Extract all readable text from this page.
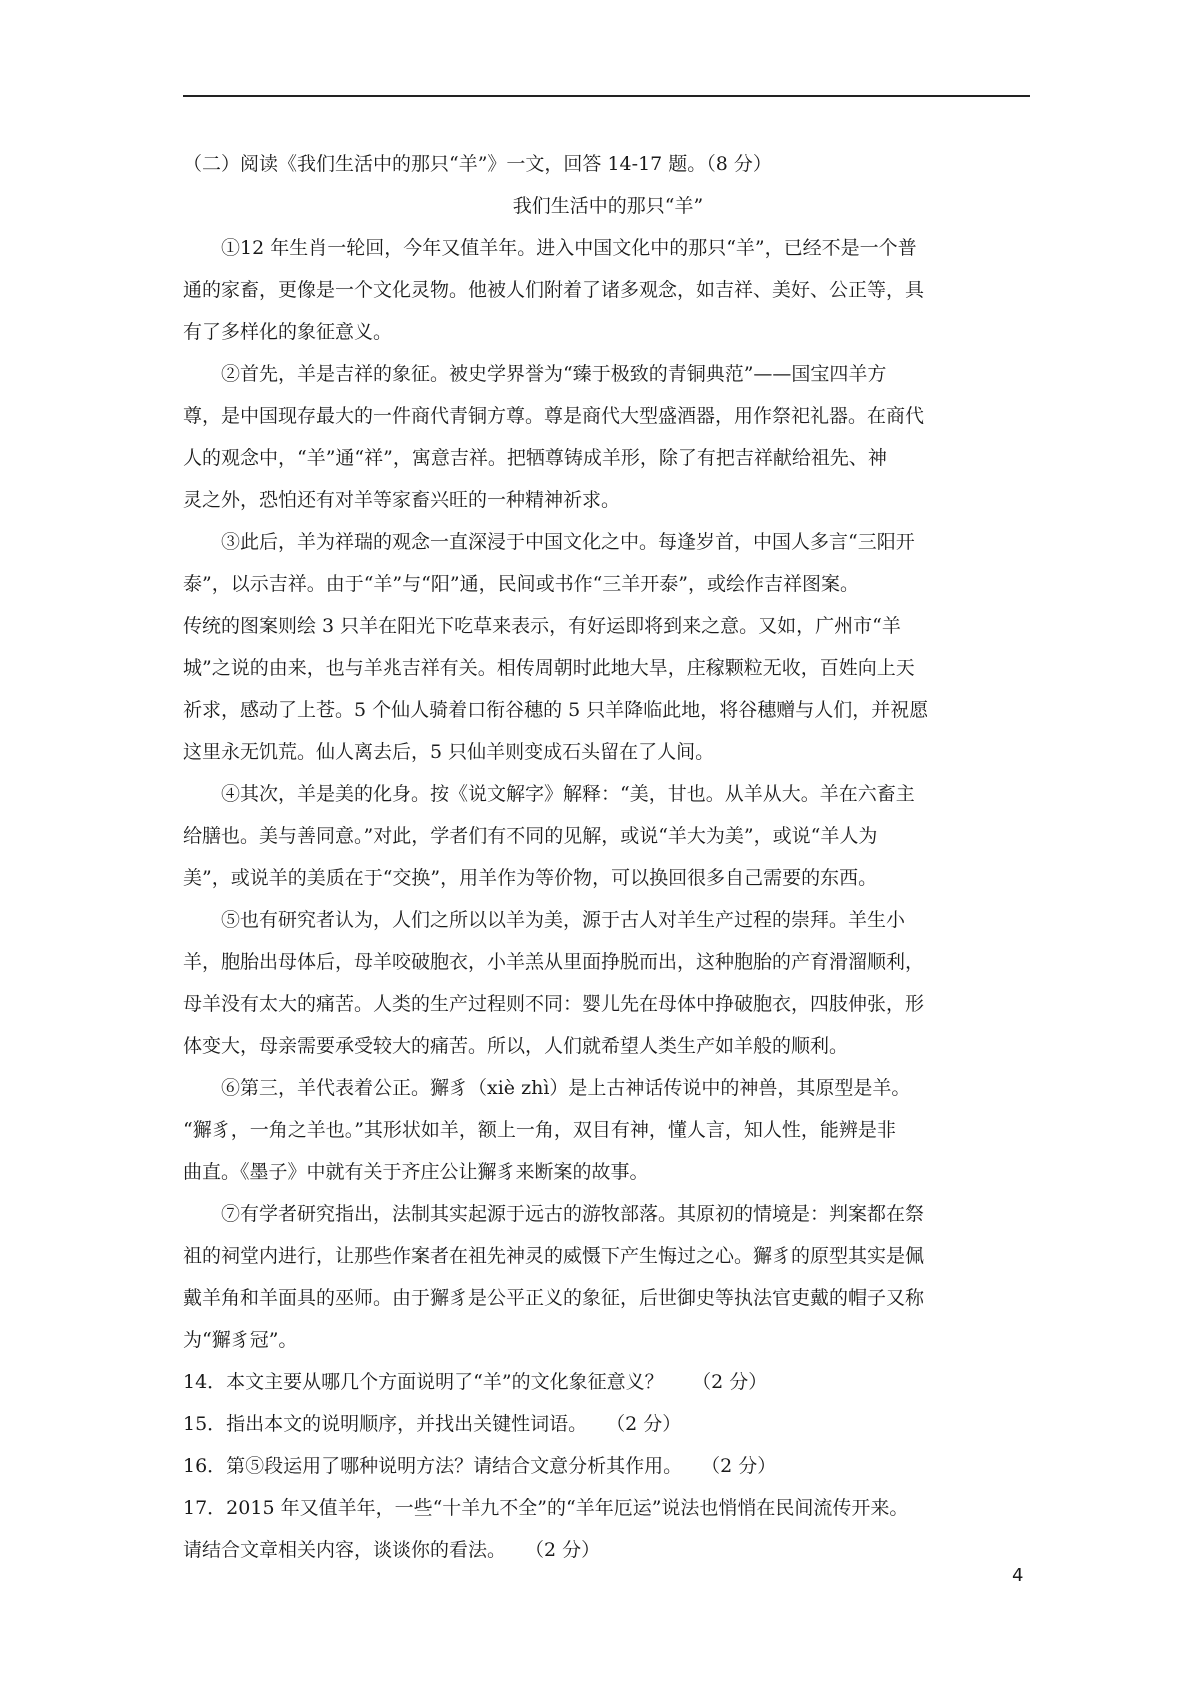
（二）阅读《我们生活中的那只“羊”》一文，回答 14-17 题。（8 分）
我们生活中的那只“羊”
①12 年生肖一轮回，今年又值羊年。进入中国文化中的那只“羊”，已经不是一个普
通的家畜，更像是一个文化灵物。他被人们附着了诸多观念，如吉祥、美好、公正等，具
有了多样化的象征意义。
②首先，羊是吉祥的象征。被史学界誉为“臻于极致的青铜典范”——国宝四羊方
尊，是中国现存最大的一件商代青铜方尊。尊是商代大型盛酒器，用作祭祀礼器。在商代
人的观念中，“羊”通“祥”，寓意吉祥。把牺尊铸成羊形，除了有把吉祥献给祖先、神
灵之外，恐怕还有对羊等家畜兴旺的一种精神祈求。
③此后，羊为祥瑞的观念一直深浸于中国文化之中。每逢岁首，中国人多言“三阳开
泰”，以示吉祥。由于“羊”与“阳”通，民间或书作“三羊开泰”，或绘作吉祥图案。
传统的图案则绘 3 只羊在阳光下吃草来表示，有好运即将到来之意。又如，广州市“羊
城”之说的由来，也与羊兆吉祥有关。相传周朝时此地大旱，庄稼颗粒无收，百姓向上天
祈求，感动了上苍。5 个仙人骑着口衔谷穗的 5 只羊降临此地，将谷穗赠与人们，并祝愿
这里永无饥荒。仙人离去后，5 只仙羊则变成石头留在了人间。
④其次，羊是美的化身。按《说文解字》解释：“美，甘也。从羊从大。羊在六畜主
给膳也。美与善同意。”对此，学者们有不同的见解，或说“羊大为美”，或说“羊人为
美”，或说羊的美质在于“交换”，用羊作为等价物，可以换回很多自己需要的东西。
⑤也有研究者认为，人们之所以以羊为美，源于古人对羊生产过程的崇拜。羊生小
羊，胞胎出母体后，母羊咬破胞衣，小羊羔从里面挣脱而出，这种胞胎的产育滑溜顺利，
母羊没有太大的痛苦。人类的生产过程则不同：婴儿先在母体中挣破胞衣，四肢伸张，形
体变大，母亲需要承受较大的痛苦。所以，人们就希望人类生产如羊般的顺利。
⑥第三，羊代表着公正。獬豸（xiè zhì）是上古神话传说中的神兽，其原型是羊。
“獬豸，一角之羊也。”其形状如羊，额上一角，双目有神，懂人言，知人性，能辨是非
曲直。《墨子》中就有关于齐庄公让獬豸来断案的故事。
⑦有学者研究指出，法制其实起源于远古的游牧部落。其原初的情境是：判案都在祭
祖的祠堂内进行，让那些作案者在祖先神灵的威慑下产生悔过之心。獬豸的原型其实是佩
戴羊角和羊面具的巫师。由于獬豸是公平正义的象征，后世御史等执法官吏戴的帽子又称
为“獬豸冠”。
14．本文主要从哪几个方面说明了“羊”的文化象征意义？　　（2 分）
15．指出本文的说明顺序，并找出关键性词语。　　（2 分）
16．第⑤段运用了哪种说明方法？请结合文意分析其作用。　　（2 分）
17．2015 年又值羊年，一些“十羊九不全”的“羊年厄运”说法也悄悄在民间流传开来。
请结合文章相关内容，谈谈你的看法。　　（2 分）
4
